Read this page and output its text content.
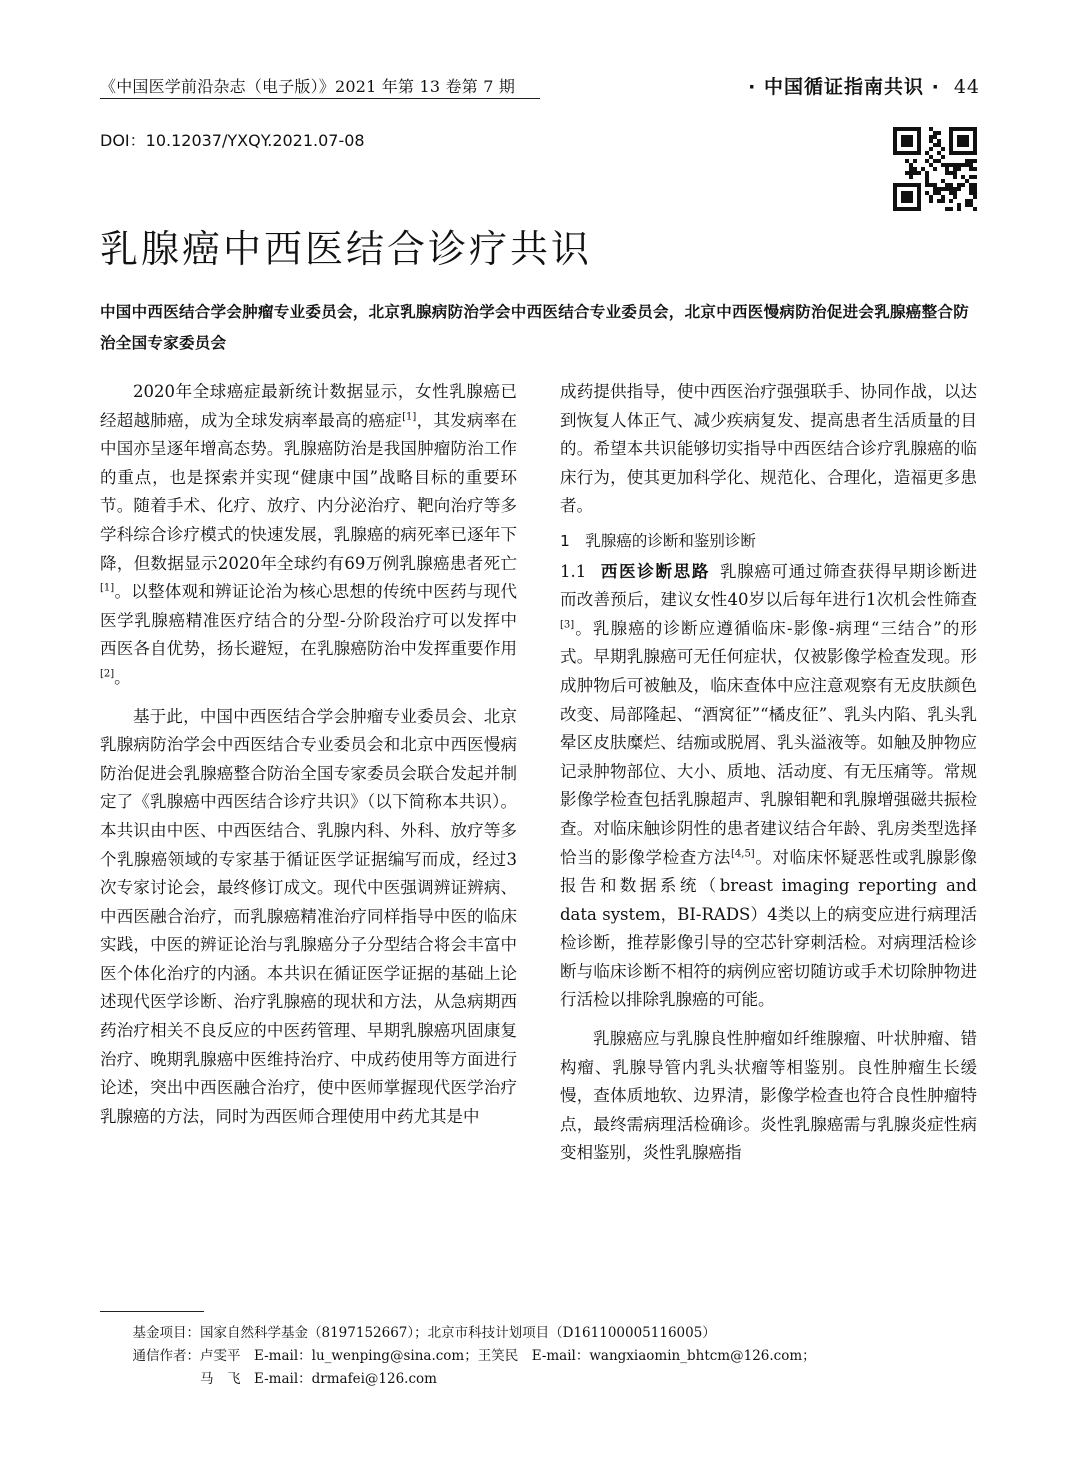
《中国医学前沿杂志（电子版）》2021 年第 13 卷第 7 期	· 中国循证指南共识 · 44
DOI：10.12037/YXQY.2021.07-08
乳腺癌中西医结合诊疗共识
中国中西医结合学会肿瘤专业委员会，北京乳腺病防治学会中西医结合专业委员会，北京中西医慢病防治促进会乳腺癌整合防治全国专家委员会

2020年全球癌症最新统计数据显示，女性乳腺癌已经超越肺癌，成为全球发病率最高的癌症[1]，其发病率在中国亦呈逐年增高态势。乳腺癌防治是我国肿瘤防治工作的重点，也是探索并实现“健康中国”战略目标的重要环节。随着手术、化疗、放疗、内分泌治疗、靶向治疗等多学科综合诊疗模式的快速发展，乳腺癌的病死率已逐年下降，但数据显示2020年全球约有69万例乳腺癌患者死亡[1]。以整体观和辨证论治为核心思想的传统中医药与现代医学乳腺癌精准医疗结合的分型-分阶段治疗可以发挥中西医各自优势，扬长避短，在乳腺癌防治中发挥重要作用[2]。

基于此，中国中西医结合学会肿瘤专业委员会、北京乳腺病防治学会中西医结合专业委员会和北京中西医慢病防治促进会乳腺癌整合防治全国专家委员会联合发起并制定了《乳腺癌中西医结合诊疗共识》（以下简称本共识）。本共识由中医、中西医结合、乳腺内科、外科、放疗等多个乳腺癌领域的专家基于循证医学证据编写而成，经过3次专家讨论会，最终修订成文。现代中医强调辨证辨病、中西医融合治疗，而乳腺癌精准治疗同样指导中医的临床实践，中医的辨证论治与乳腺癌分子分型结合将会丰富中医个体化治疗的内涵。本共识在循证医学证据的基础上论述现代医学诊断、治疗乳腺癌的现状和方法，从急病期西药治疗相关不良反应的中医药管理、早期乳腺癌巩固康复治疗、晚期乳腺癌中医维持治疗、中成药使用等方面进行论述，突出中西医融合治疗，使中医师掌握现代医学治疗乳腺癌的方法，同时为西医师合理使用中药尤其是中

成药提供指导，使中西医治疗强强联手、协同作战，以达到恢复人体正气、减少疾病复发、提高患者生活质量的目的。希望本共识能够切实指导中西医结合诊疗乳腺癌的临床行为，使其更加科学化、规范化、合理化，造福更多患者。

1　乳腺癌的诊断和鉴别诊断

1.1 西医诊断思路 乳腺癌可通过筛查获得早期诊断进而改善预后，建议女性40岁以后每年进行1次机会性筛查[3]。乳腺癌的诊断应遵循临床-影像-病理“三结合”的形式。早期乳腺癌可无任何症状，仅被影像学检查发现。形成肿物后可被触及，临床查体中应注意观察有无皮肤颜色改变、局部隆起、“酒窝征”“橘皮征”、乳头内陷、乳头乳晕区皮肤糜烂、结痂或脱屑、乳头溢液等。如触及肿物应记录肿物部位、大小、质地、活动度、有无压痛等。常规影像学检查包括乳腺超声、乳腺钼靶和乳腺增强磁共振检查。对临床触诊阴性的患者建议结合年龄、乳房类型选择恰当的影像学检查方法[4,5]。对临床怀疑恶性或乳腺影像报告和数据系统（breast imaging reporting and data system，BI-RADS）4类以上的病变应进行病理活检诊断，推荐影像引导的空芯针穿刺活检。对病理活检诊断与临床诊断不相符的病例应密切随访或手术切除肿物进行活检以排除乳腺癌的可能。

乳腺癌应与乳腺良性肿瘤如纤维腺瘤、叶状肿瘤、错构瘤、乳腺导管内乳头状瘤等相鉴别。良性肿瘤生长缓慢，查体质地软、边界清，影像学检查也符合良性肿瘤特点，最终需病理活检确诊。炎性乳腺癌需与乳腺炎症性病变相鉴别，炎性乳腺癌指

基金项目：国家自然科学基金（8197152667）；北京市科技计划项目（D161100005116005）
通信作者：卢雯平　E-mail：lu_wenping@sina.com；王笑民　E-mail：wangxiaomin_bhtcm@126.com；
马　飞　E-mail：drmafei@126.com
